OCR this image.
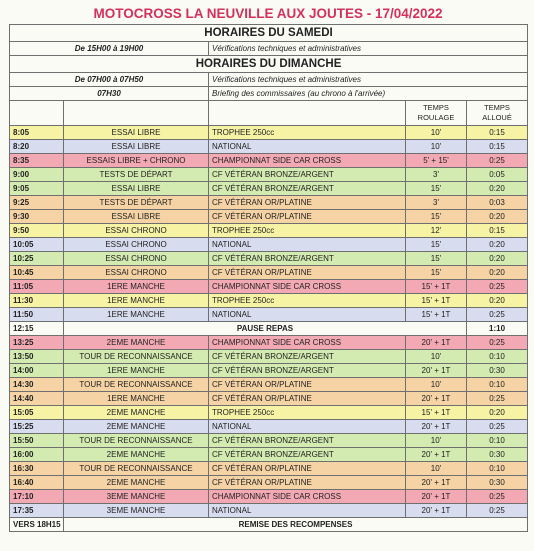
MOTOCROSS LA NEUVILLE AUX JOUTES - 17/04/2022
HORAIRES DU SAMEDI				
De 15H00 à 19H00		Vérifications techniques et administratives		
HORAIRES DU DIMANCHE				
De 07H00 à 07H50		Vérifications techniques et administratives		
07H30		Briefing des commissaires (au chrono à l'arrivée)		
			TEMPS ROULAGE	TEMPS ALLOUÉ
8:05	ESSAI LIBRE	TROPHEE 250cc	10'	0:15
8:20	ESSAI LIBRE	NATIONAL	10'	0:15
8:35	ESSAIS LIBRE + CHRONO	CHAMPIONNAT SIDE CAR CROSS	5' + 15'	0:25
9:00	TESTS DE DÉPART	CF VÉTÉRAN BRONZE/ARGENT	3'	0:05
9:05	ESSAI LIBRE	CF VÉTÉRAN BRONZE/ARGENT	15'	0:20
9:25	TESTS DE DÉPART	CF VÉTÉRAN OR/PLATINE	3'	0:03
9:30	ESSAI LIBRE	CF VÉTÉRAN OR/PLATINE	15'	0:20
9:50	ESSAI CHRONO	TROPHEE 250cc	12'	0:15
10:05	ESSAI CHRONO	NATIONAL	15'	0:20
10:25	ESSAI CHRONO	CF VÉTÉRAN BRONZE/ARGENT	15'	0:20
10:45	ESSAI CHRONO	CF VÉTÉRAN OR/PLATINE	15'	0:20
11:05	1ERE MANCHE	CHAMPIONNAT SIDE CAR CROSS	15' + 1T	0:25
11:30	1ERE MANCHE	TROPHEE 250cc	15' + 1T	0:20
11:50	1ERE MANCHE	NATIONAL	15' + 1T	0:25
12:15	PAUSE REPAS			1:10
13:25	2EME MANCHE	CHAMPIONNAT SIDE CAR CROSS	20' + 1T	0:25
13:50	TOUR DE RECONNAISSANCE	CF VÉTÉRAN BRONZE/ARGENT	10'	0:10
14:00	1ERE MANCHE	CF VÉTÉRAN BRONZE/ARGENT	20' + 1T	0:30
14:30	TOUR DE RECONNAISSANCE	CF VÉTÉRAN OR/PLATINE	10'	0:10
14:40	1ERE MANCHE	CF VÉTÉRAN OR/PLATINE	20' + 1T	0:25
15:05	2EME MANCHE	TROPHEE 250cc	15' + 1T	0:20
15:25	2EME MANCHE	NATIONAL	20' + 1T	0:25
15:50	TOUR DE RECONNAISSANCE	CF VÉTÉRAN BRONZE/ARGENT	10'	0:10
16:00	2EME MANCHE	CF VÉTÉRAN BRONZE/ARGENT	20' + 1T	0:30
16:30	TOUR DE RECONNAISSANCE	CF VÉTÉRAN OR/PLATINE	10'	0:10
16:40	2EME MANCHE	CF VÉTÉRAN OR/PLATINE	20' + 1T	0:30
17:10	3EME MANCHE	CHAMPIONNAT SIDE CAR CROSS	20' + 1T	0:25
17:35	3EME MANCHE	NATIONAL	20' + 1T	0:25
VERS 18H15	REMISE DES RECOMPENSES			
